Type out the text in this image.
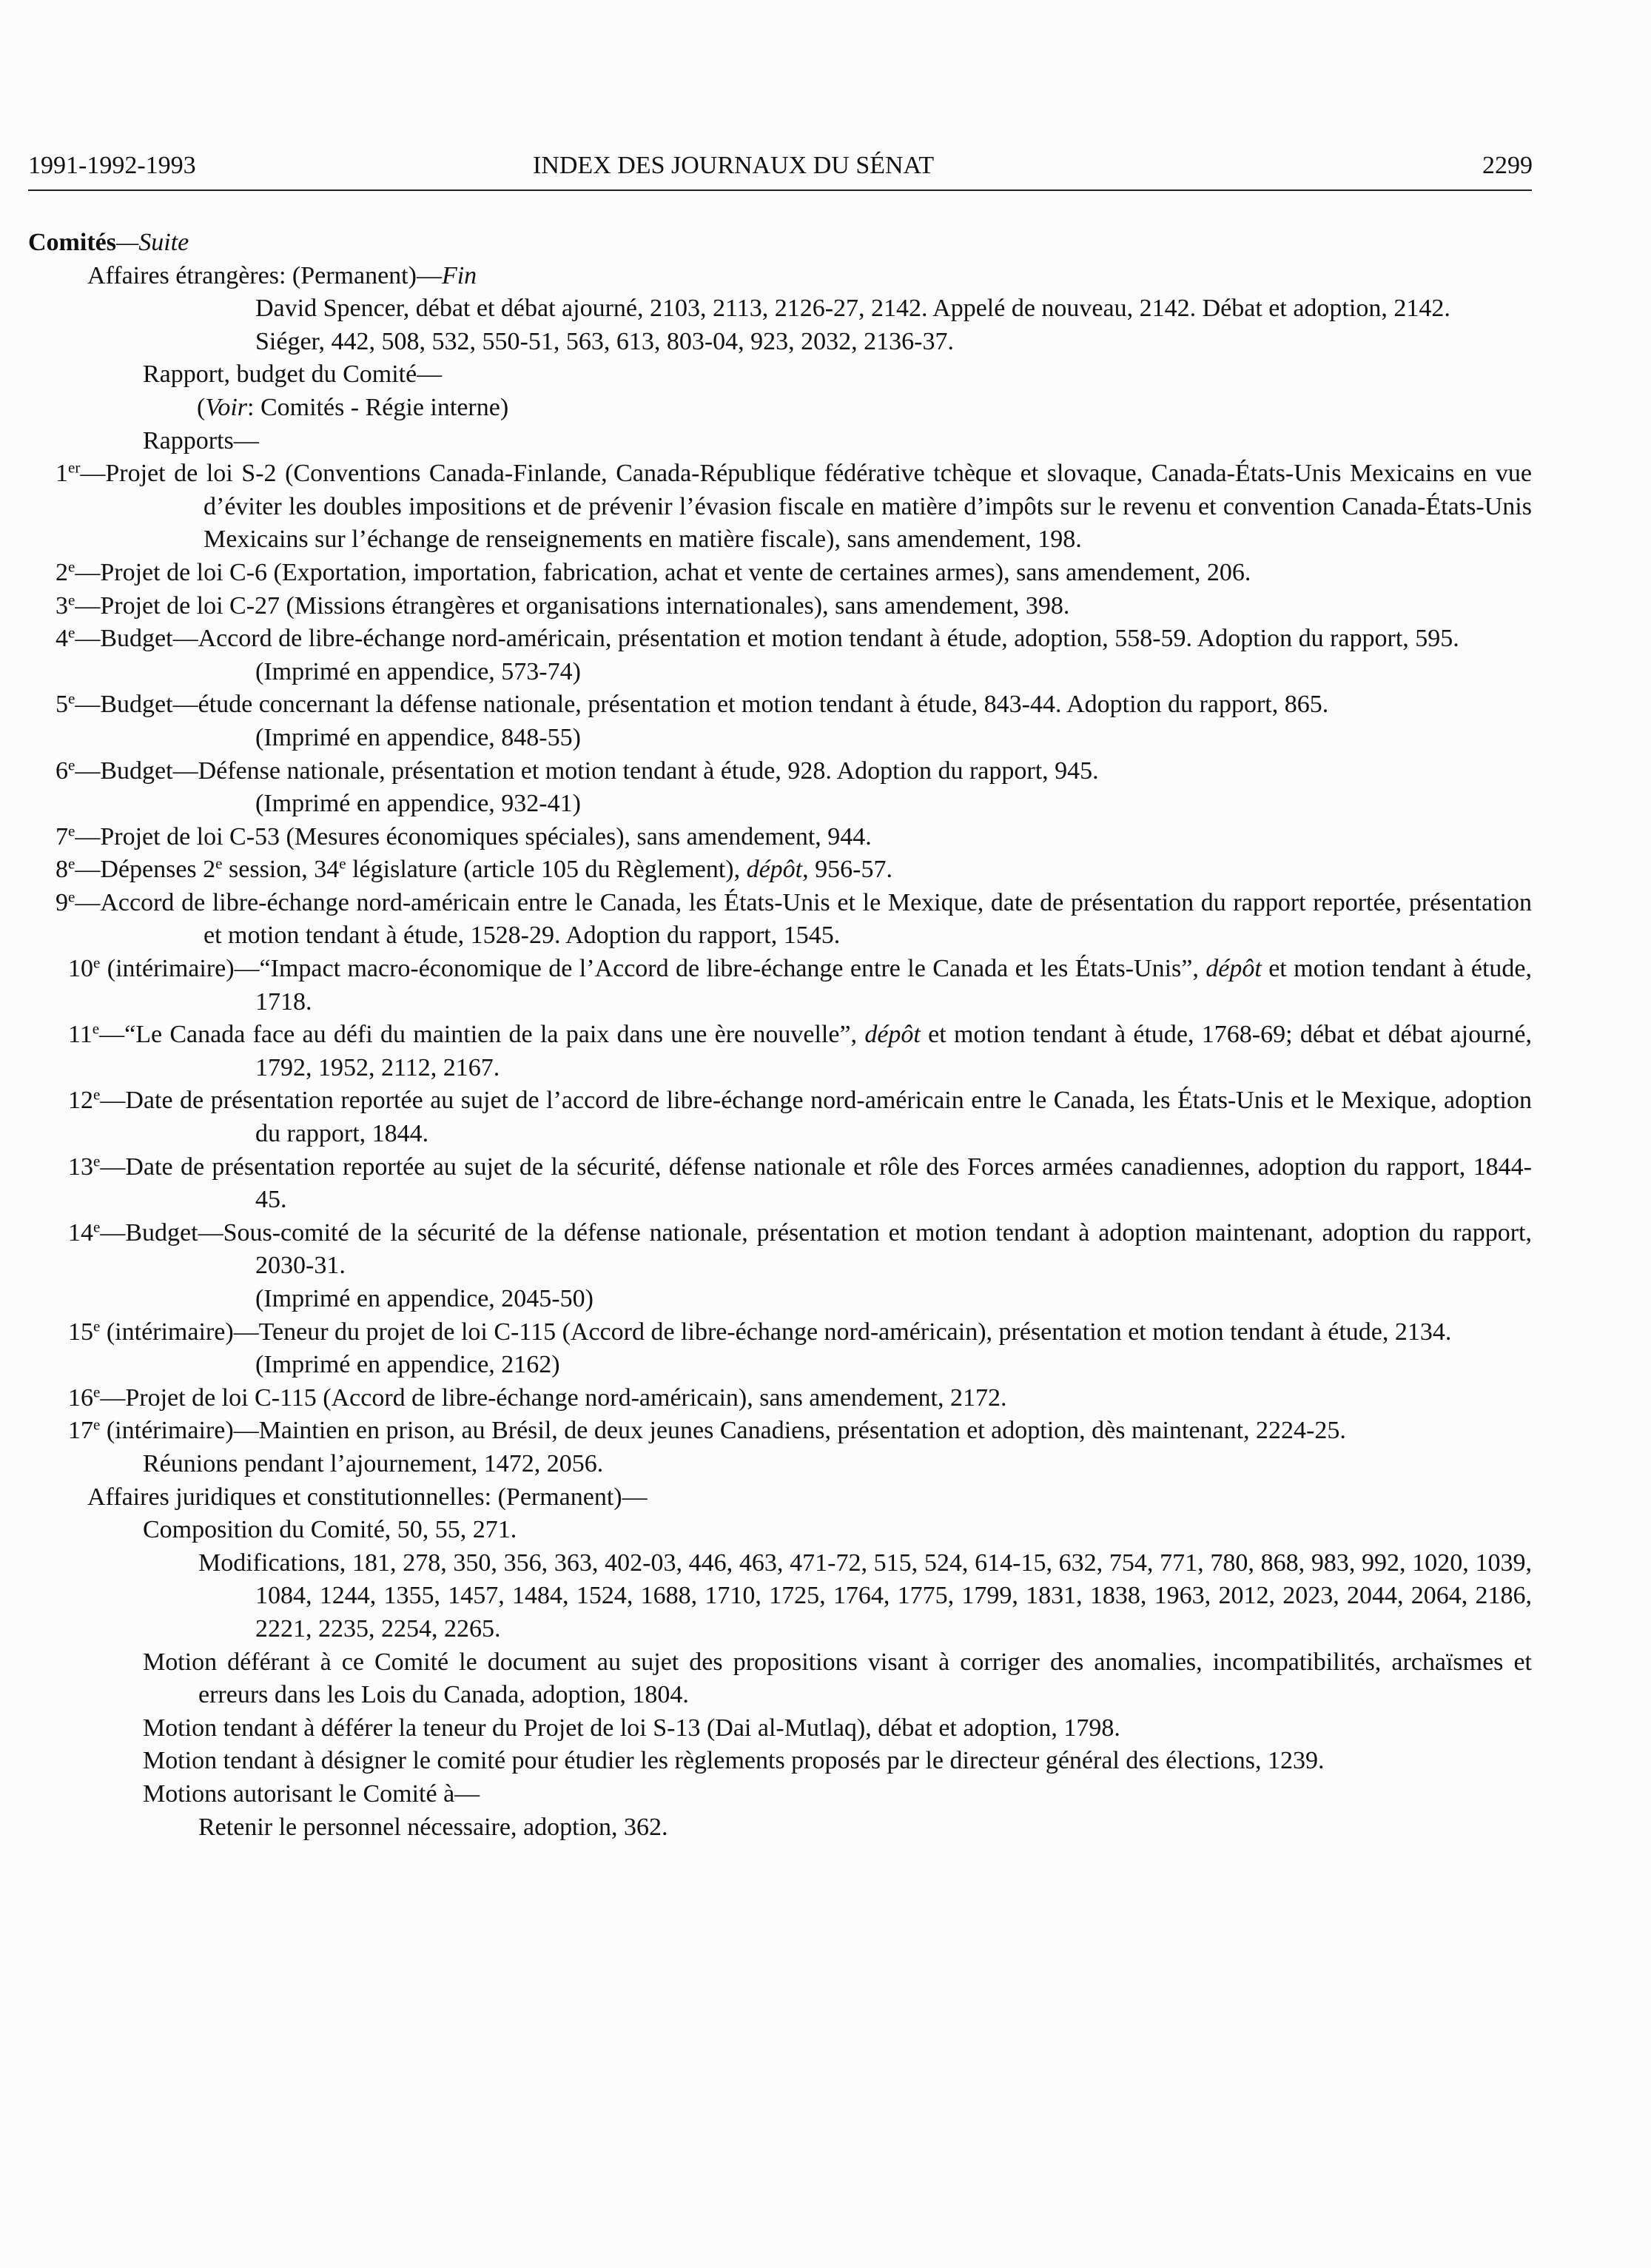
1991-1992-1993	INDEX DES JOURNAUX DU SÉNAT	2299
Comités—Suite
Affaires étrangères: (Permanent)—Fin
David Spencer, débat et débat ajourné, 2103, 2113, 2126-27, 2142. Appelé de nouveau, 2142. Débat et adoption, 2142.
Siéger, 442, 508, 532, 550-51, 563, 613, 803-04, 923, 2032, 2136-37.
Rapport, budget du Comité—
(Voir: Comités - Régie interne)
Rapports—
1er—Projet de loi S-2 (Conventions Canada-Finlande, Canada-République fédérative tchèque et slovaque, Canada-États-Unis Mexicains en vue d’éviter les doubles impositions et de prévenir l’évasion fiscale en matière d’impôts sur le revenu et convention Canada-États-Unis Mexicains sur l’échange de renseignements en matière fiscale), sans amendement, 198.
2e—Projet de loi C-6 (Exportation, importation, fabrication, achat et vente de certaines armes), sans amendement, 206.
3e—Projet de loi C-27 (Missions étrangères et organisations internationales), sans amendement, 398.
4e—Budget—Accord de libre-échange nord-américain, présentation et motion tendant à étude, adoption, 558-59. Adoption du rapport, 595.
(Imprimé en appendice, 573-74)
5e—Budget—étude concernant la défense nationale, présentation et motion tendant à étude, 843-44. Adoption du rapport, 865.
(Imprimé en appendice, 848-55)
6e—Budget—Défense nationale, présentation et motion tendant à étude, 928. Adoption du rapport, 945.
(Imprimé en appendice, 932-41)
7e—Projet de loi C-53 (Mesures économiques spéciales), sans amendement, 944.
8e—Dépenses 2e session, 34e législature (article 105 du Règlement), dépôt, 956-57.
9e—Accord de libre-échange nord-américain entre le Canada, les États-Unis et le Mexique, date de présentation du rapport reportée, présentation et motion tendant à étude, 1528-29. Adoption du rapport, 1545.
10e (intérimaire)—“Impact macro-économique de l’Accord de libre-échange entre le Canada et les États-Unis”, dépôt et motion tendant à étude, 1718.
11e—“Le Canada face au défi du maintien de la paix dans une ère nouvelle”, dépôt et motion tendant à étude, 1768-69; débat et débat ajourné, 1792, 1952, 2112, 2167.
12e—Date de présentation reportée au sujet de l’accord de libre-échange nord-américain entre le Canada, les États-Unis et le Mexique, adoption du rapport, 1844.
13e—Date de présentation reportée au sujet de la sécurité, défense nationale et rôle des Forces armées canadiennes, adoption du rapport, 1844-45.
14e—Budget—Sous-comité de la sécurité de la défense nationale, présentation et motion tendant à adoption maintenant, adoption du rapport, 2030-31.
(Imprimé en appendice, 2045-50)
15e (intérimaire)—Teneur du projet de loi C-115 (Accord de libre-échange nord-américain), présentation et motion tendant à étude, 2134.
(Imprimé en appendice, 2162)
16e—Projet de loi C-115 (Accord de libre-échange nord-américain), sans amendement, 2172.
17e (intérimaire)—Maintien en prison, au Brésil, de deux jeunes Canadiens, présentation et adoption, dès maintenant, 2224-25.
Réunions pendant l’ajournement, 1472, 2056.
Affaires juridiques et constitutionnelles: (Permanent)—
Composition du Comité, 50, 55, 271.
Modifications, 181, 278, 350, 356, 363, 402-03, 446, 463, 471-72, 515, 524, 614-15, 632, 754, 771, 780, 868, 983, 992, 1020, 1039, 1084, 1244, 1355, 1457, 1484, 1524, 1688, 1710, 1725, 1764, 1775, 1799, 1831, 1838, 1963, 2012, 2023, 2044, 2064, 2186, 2221, 2235, 2254, 2265.
Motion déférant à ce Comité le document au sujet des propositions visant à corriger des anomalies, incompatibilités, archaïsmes et erreurs dans les Lois du Canada, adoption, 1804.
Motion tendant à déférer la teneur du Projet de loi S-13 (Dai al-Mutlaq), débat et adoption, 1798.
Motion tendant à désigner le comité pour étudier les règlements proposés par le directeur général des élections, 1239.
Motions autorisant le Comité à—
Retenir le personnel nécessaire, adoption, 362.
